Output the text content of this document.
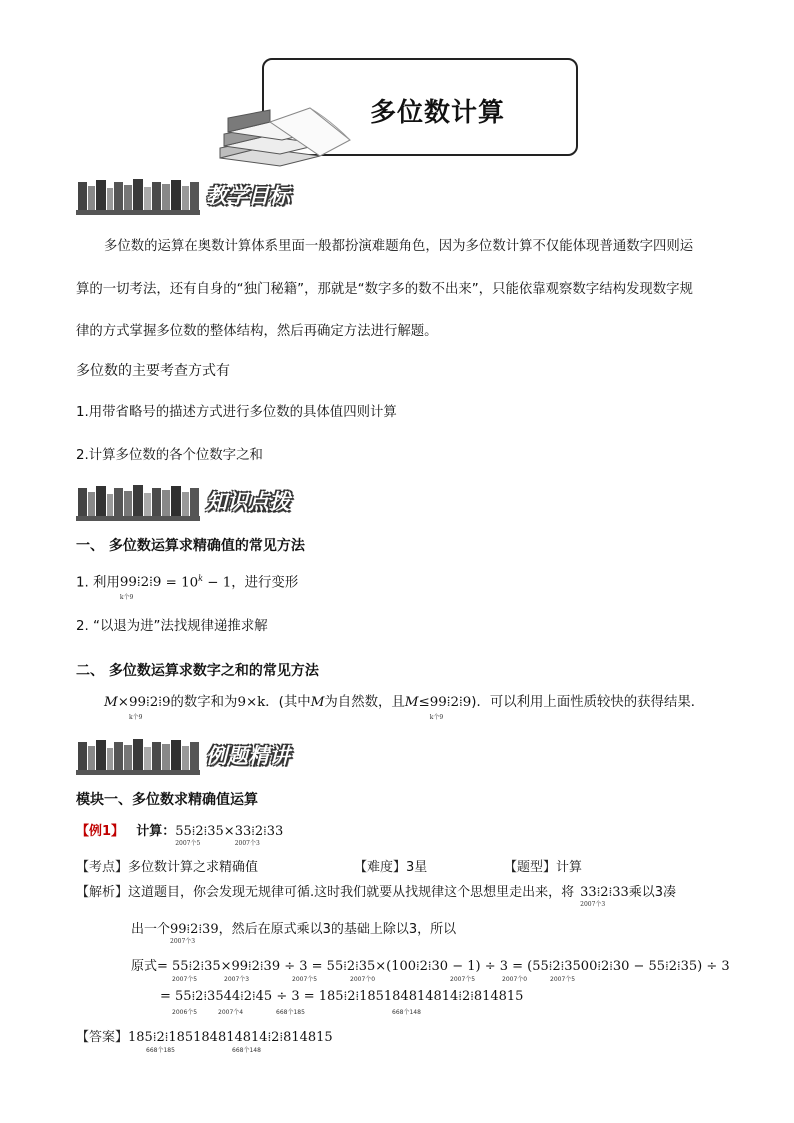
多位数计算
教学目标
多位数的运算在奥数计算体系里面一般都扮演难题角色，因为多位数计算不仅能体现普通数字四则运
算的一切考法，还有自身的“独门秘籍”，那就是“数字多的数不出来”，只能依靠观察数字结构发现数字规
律的方式掌握多位数的整体结构，然后再确定方法进行解题。
多位数的主要考查方式有
1.用带省略号的描述方式进行多位数的具体值四则计算
2.计算多位数的各个位数字之和
知识点拨
一、 多位数运算求精确值的常见方法
1. 利用99⁞2⁞9
k个9
= $10^k - 1$，进行变形
2. “以退为进”法找规律递推求解
二、 多位数运算求数字之和的常见方法
M×99⁞2⁞9
k个9
的数字和为9×k．(其中M为自然数，且M≤99⁞2⁞9
k个9
)．可以利用上面性质较快的获得结果．
例题精讲
模块一、多位数求精确值运算
【例1】 计算：55⁞2⁞35
2007个5
×33⁞2⁞33
2007个3
【考点】多位数计算之求精确值	【难度】3星	【题型】计算
【解析】这道题目，你会发现无规律可循.这时我们就要从找规律这个思想里走出来，将 33⁞2⁞33
2007个3
乘以3凑
出一个99⁞2⁞39
2007个3
，然后在原式乘以3的基础上除以3，所以
原式= 55⁞2⁞35×99⁞2⁞39 ÷ 3 = 55⁞2⁞35×(100⁞2⁞30 − 1) ÷ 3 = (55⁞2⁞3500⁞2⁞30 − 55⁞2⁞35) ÷ 3
2007个5	2007个3	2007个5	2007个0	2007个5	2007个0	2007个5
= 55⁞2⁞3544⁞2⁞45 ÷ 3 = 185⁞2⁞185184814814⁞2⁞814815
2006个5	2007个4	668个185	668个148
【答案】185⁞2⁞185184814814⁞2⁞814815
668个185	668个148
